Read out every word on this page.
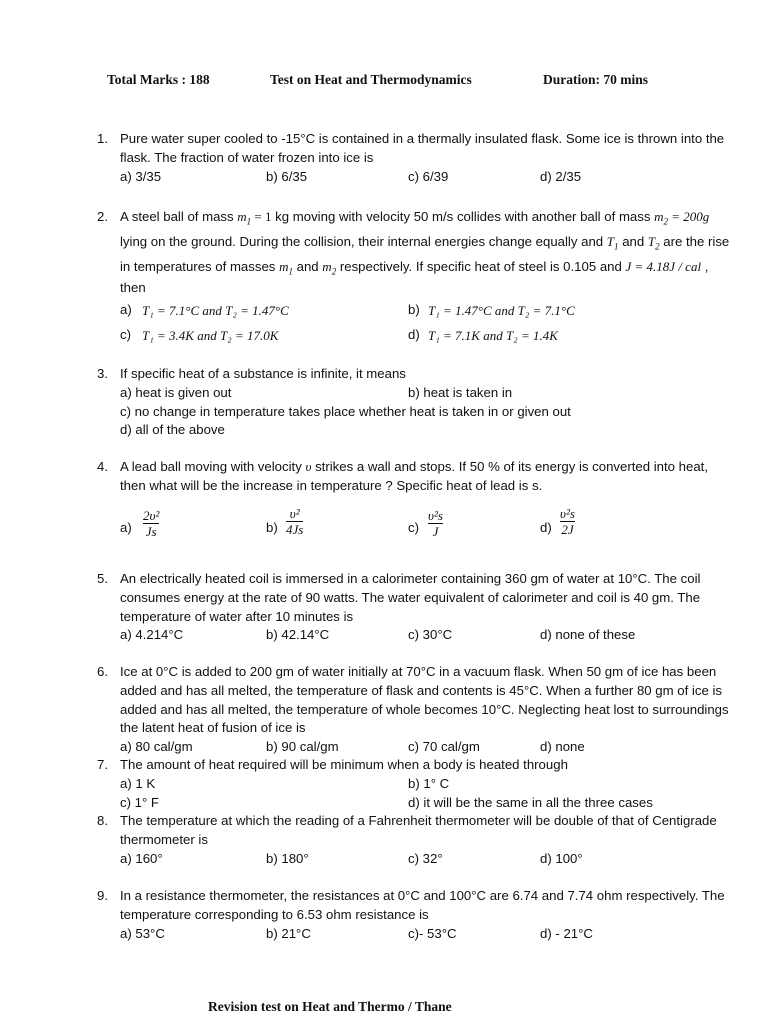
Total Marks : 188	Test on Heat and Thermodynamics	Duration: 70 mins
1. Pure water super cooled to -15°C is contained in a thermally insulated flask. Some ice is thrown into the
flask. The fraction of water frozen into ice is
a) 3/35	b) 6/35	c) 6/39	d) 2/35
2. A steel ball of mass $m_1 = 1$ kg moving with velocity 50 m/s collides with another ball of mass $m_2 = 200g$
lying on the ground. During the collision, their internal energies change equally and $T_1$ and $T_2$ are the rise
in temperatures of masses $m_1$ and $m_2$ respectively. If specific heat of steel is 0.105 and J = 4.18J / cal ,
then
a) T₁ = 7.1°C and T₂ = 1.47°C	b) T₁ = 1.47°C and T₂ = 7.1°C
c) T₁ = 3.4K and T₂ = 17.0K	d) T₁ = 7.1K and T₂ = 1.4K
3. If specific heat of a substance is infinite, it means
a) heat is given out	b) heat is taken in
c) no change in temperature takes place whether heat is taken in or given out
d) all of the above
4. A lead ball moving with velocity υ strikes a wall and stops. If 50 % of its energy is converted into heat,
then what will be the increase in temperature ? Specific heat of lead is s.
a)
2υ²
Js	b)
υ²
4Js	c)
υ²s
J	d)
υ²s
2J
5. An electrically heated coil is immersed in a calorimeter containing 360 gm of water at 10°C. The coil
consumes energy at the rate of 90 watts. The water equivalent of calorimeter and coil is 40 gm. The
temperature of water after 10 minutes is
a) 4.214°C	b) 42.14°C	c) 30°C	d) none of these
6. Ice at 0°C is added to 200 gm of water initially at 70°C in a vacuum flask. When 50 gm of ice has been
added and has all melted, the temperature of flask and contents is 45°C. When a further 80 gm of ice is
added and has all melted, the temperature of whole becomes 10°C. Neglecting heat lost to surroundings
the latent heat of fusion of ice is
a) 80 cal/gm	b) 90 cal/gm	c) 70 cal/gm	d) none
7. The amount of heat required will be minimum when a body is heated through
a) 1 K	b) 1° C
c) 1° F	d) it will be the same in all the three cases
8. The temperature at which the reading of a Fahrenheit thermometer will be double of that of Centigrade
thermometer is
a) 160°	b) 180°	c) 32°	d) 100°
9. In a resistance thermometer, the resistances at 0°C and 100°C are 6.74 and 7.74 ohm respectively. The
temperature corresponding to 6.53 ohm resistance is
a) 53°C	b) 21°C	c)- 53°C	d) - 21°C
Revision test on Heat and Thermo / Thane
